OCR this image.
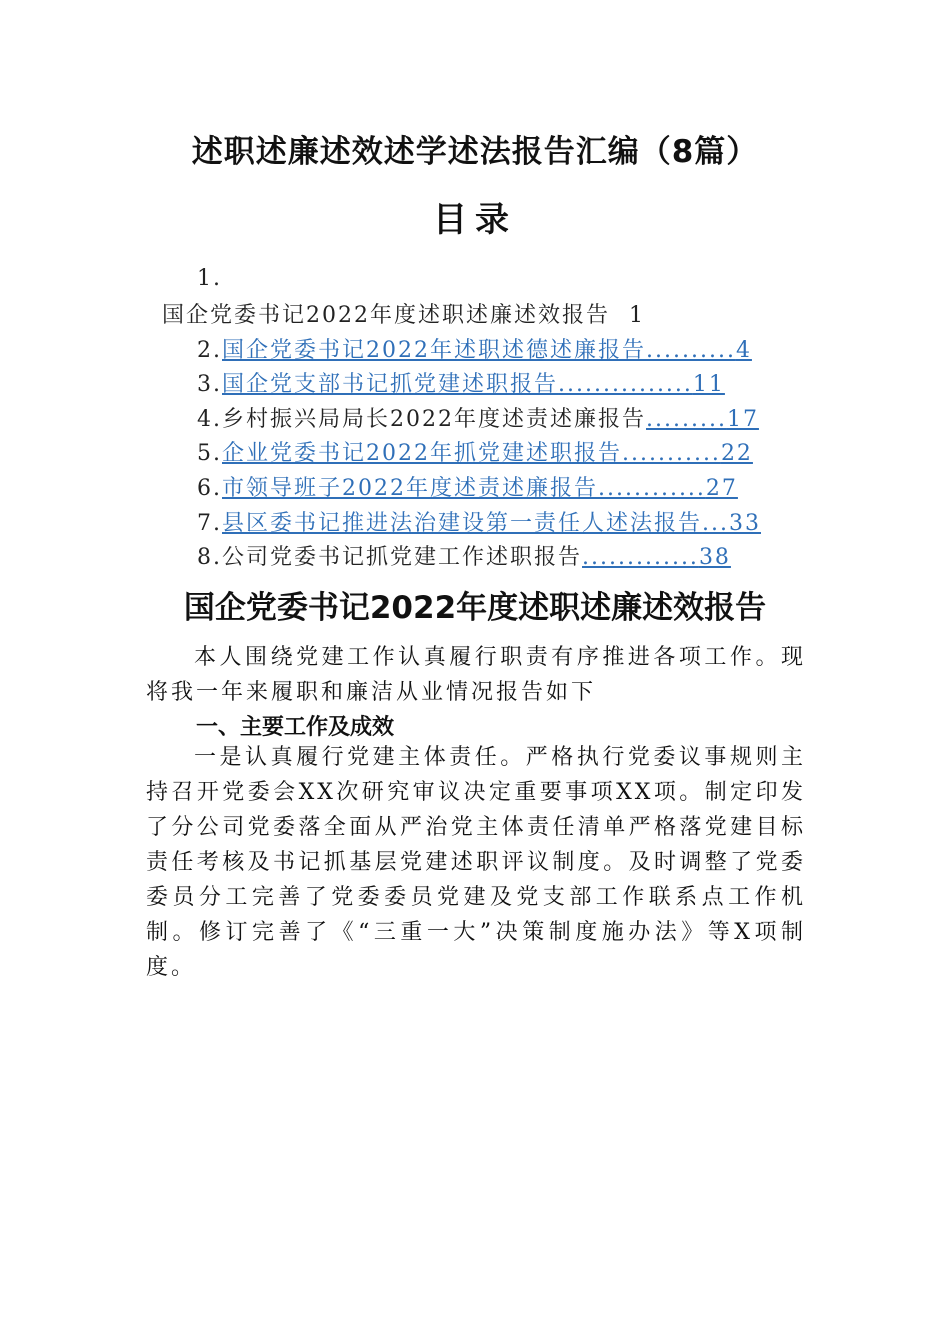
述职述廉述效述学述法报告汇编（8篇）
目录
1.
国企党委书记2022年度述职述廉述效报告 1
2.国企党委书记2022年述职述德述廉报告..........4
3.国企党支部书记抓党建述职报告...............11
4.乡村振兴局局长2022年度述责述廉报告.........17
5.企业党委书记2022年抓党建述职报告...........22
6.市领导班子2022年度述责述廉报告............27
7.县区委书记推进法治建设第一责任人述法报告...33
8.公司党委书记抓党建工作述职报告.............38
国企党委书记2022年度述职述廉述效报告

本人围绕党建工作认真履行职责有序推进各项工作。现将我一年来履职和廉洁从业情况报告如下

一、主要工作及成效

一是认真履行党建主体责任。严格执行党委议事规则主持召开党委会XX次研究审议决定重要事项XX项。制定印发了分公司党委落全面从严治党主体责任清单严格落党建目标责任考核及书记抓基层党建述职评议制度。及时调整了党委委员分工完善了党委委员党建及党支部工作联系点工作机制。修订完善了《“三重一大”决策制度施办法》等X项制度。
